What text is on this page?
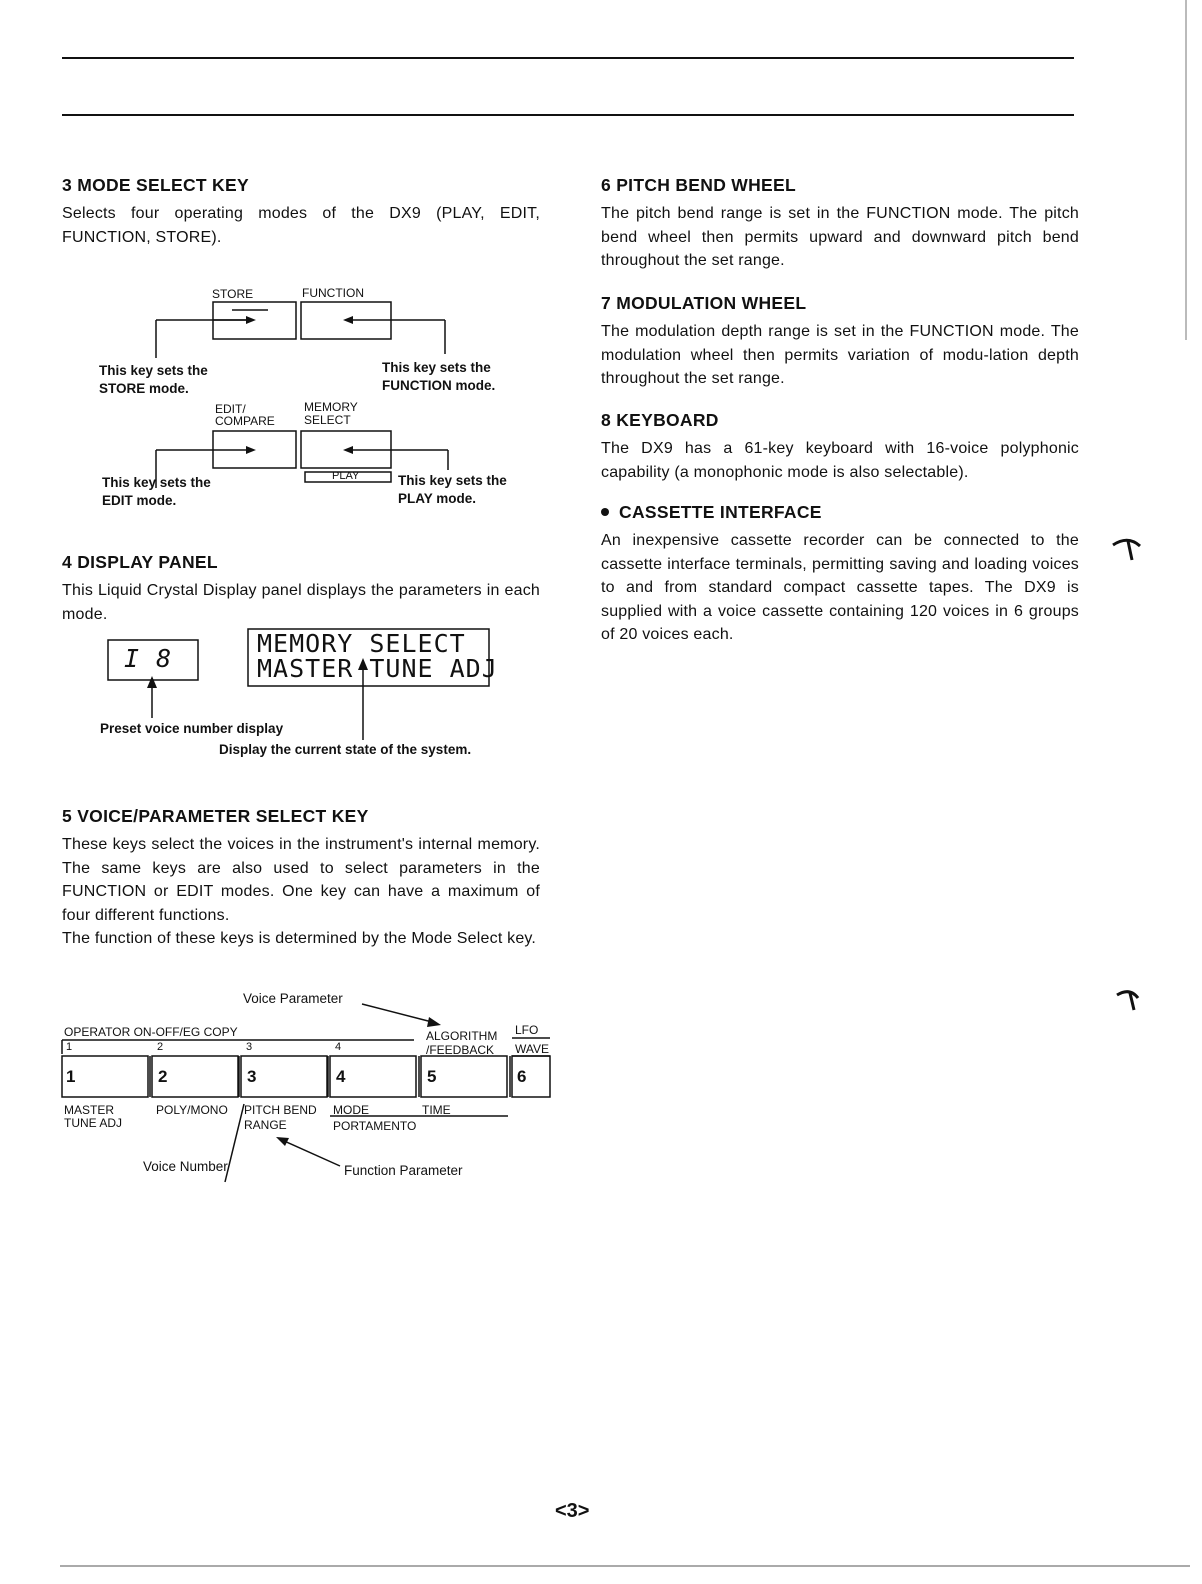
3 MODE SELECT KEY

Selects four operating modes of the DX9 (PLAY, EDIT, FUNCTION, STORE).

STORE	FUNCTION
This key sets the
STORE mode.
This key sets the
FUNCTION mode.
EDIT/
COMPARE
MEMORY
SELECT
PLAY
This key sets the
EDIT mode.
This key sets the
PLAY mode.
4 DISPLAY PANEL

This Liquid Crystal Display panel displays the parameters in each mode.

I 8
MEMORY SELECT
MASTER TUNE ADJ
Preset voice number display
Display the current state of the system.
5 VOICE/PARAMETER SELECT KEY

These keys select the voices in the instrument's internal memory. The same keys are also used to select parameters in the FUNCTION or EDIT modes. One key can have a maximum of four different functions.

The function of these keys is determined by the Mode Select key.

Voice Parameter
OPERATOR ON-OFF/EG COPY	ALGORITHM
/FEEDBACK
LFO
WAVE
1	2	3	4
1	2	3	4	5	6
MASTER
TUNE ADJ
POLY/MONO PITCH BEND
RANGE
MODE	TIME
PORTAMENTO
Voice Number	Function Parameter
6 PITCH BEND WHEEL

The pitch bend range is set in the FUNCTION mode. The pitch bend wheel then permits upward and downward pitch bend throughout the set range.

7 MODULATION WHEEL

The modulation depth range is set in the FUNCTION mode. The modulation wheel then permits variation of modu-lation depth throughout the set range.

8 KEYBOARD

The DX9 has a 61-key keyboard with 16-voice polyphonic capability (a monophonic mode is also selectable).

CASSETTE INTERFACE

An inexpensive cassette recorder can be connected to the cassette interface terminals, permitting saving and loading voices to and from standard compact cassette tapes. The DX9 is supplied with a voice cassette containing 120 voices in 6 groups of 20 voices each.

<3>
